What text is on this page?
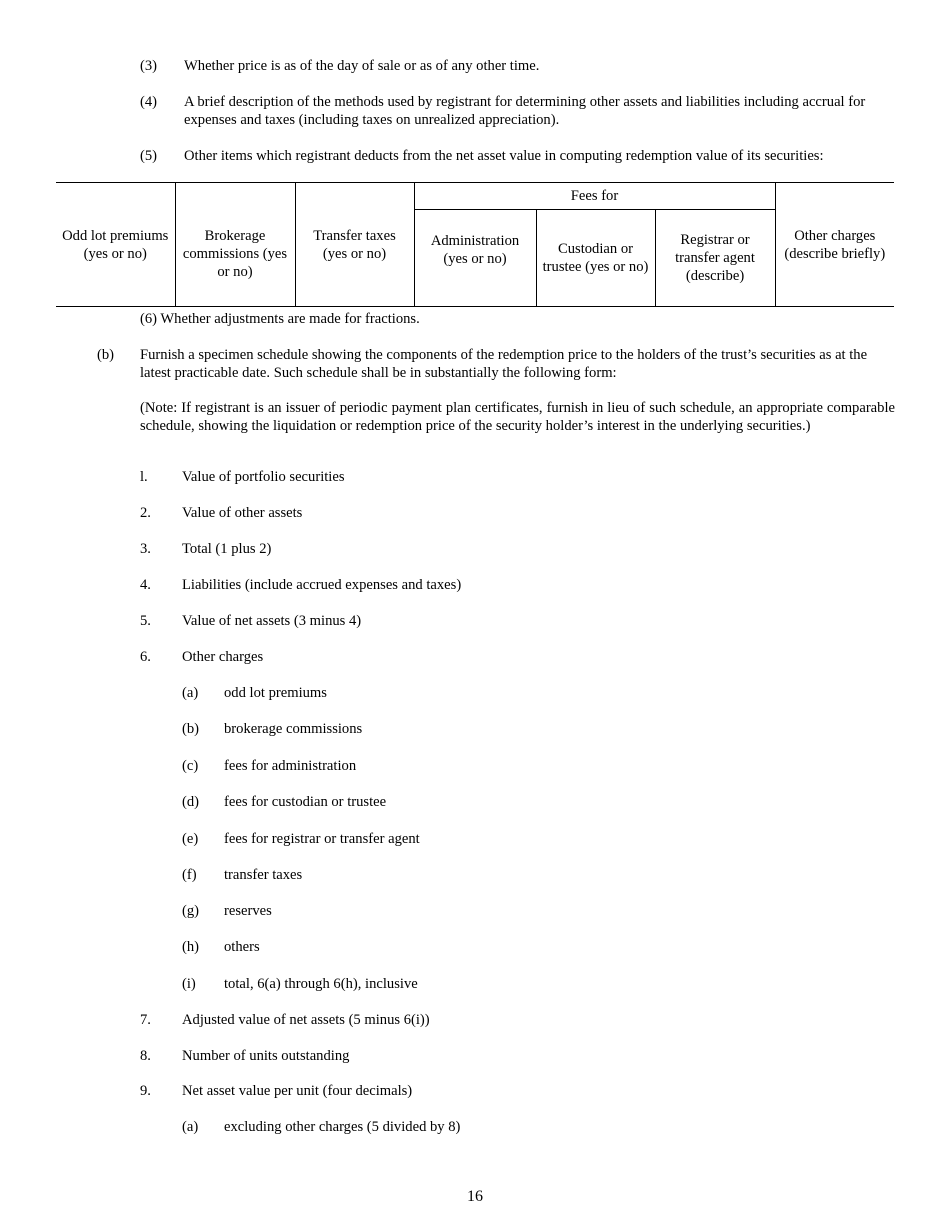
(3) Whether price is as of the day of sale or as of any other time.
(4) A brief description of the methods used by registrant for determining other assets and liabilities including accrual for expenses and taxes (including taxes on unrealized appreciation).
(5) Other items which registrant deducts from the net asset value in computing redemption value of its securities:
Odd lot premiums (yes or no)	Brokerage commissions (yes or no)	Transfer taxes (yes or no)	Fees for			Other charges (describe briefly)
			Administration (yes or no)	Custodian or trustee (yes or no)	Registrar or transfer agent (describe)	
(6) Whether adjustments are made for fractions.
(b) Furnish a specimen schedule showing the components of the redemption price to the holders of the trust’s securities as at the latest practicable date. Such schedule shall be in substantially the following form:
(Note: If registrant is an issuer of periodic payment plan certificates, furnish in lieu of such schedule, an appropriate comparable schedule, showing the liquidation or redemption price of the security holder’s interest in the underlying securities.)
l. Value of portfolio securities
2. Value of other assets
3. Total (1 plus 2)
4. Liabilities (include accrued expenses and taxes)
5. Value of net assets (3 minus 4)
6. Other charges
(a) odd lot premiums
(b) brokerage commissions
(c) fees for administration
(d) fees for custodian or trustee
(e) fees for registrar or transfer agent
(f) transfer taxes
(g) reserves
(h) others
(i) total, 6(a) through 6(h), inclusive
7. Adjusted value of net assets (5 minus 6(i))
8. Number of units outstanding
9. Net asset value per unit (four decimals)
(a) excluding other charges (5 divided by 8)
16
